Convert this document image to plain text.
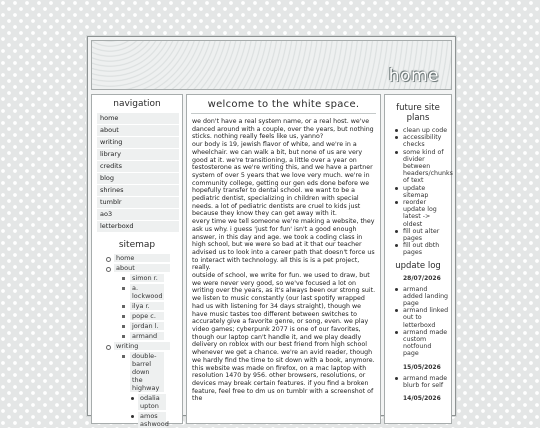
home
navigation
home
about
writing
library
credits
blog
shrines
tumblr
ao3
letterboxd
sitemap
home
about
simon r.
a. lockwood
ilya r.
pope c.
jordan l.
armand
writing
double-barrel down the highway
odalia upton
amos ashwood
welcome to the white space.

we don't have a real system name, or a real host. we've danced around with a couple, over the years, but nothing sticks. nothing really feels like us, yanno?

our body is 19, jewish flavor of white, and we're in a wheelchair. we can walk a bit, but none of us are very good at it. we're transitioning, a little over a year on testosterone as we're writing this, and we have a partner system of over 5 years that we love very much. we're in community college, getting our gen eds done before we hopefully transfer to dental school. we want to be a pediatric dentist, specializing in children with special needs. a lot of pediatric dentists are cruel to kids just because they know they can get away with it.

every time we tell someone we're making a website, they ask us why. i guess 'just for fun' isn't a good enough answer, in this day and age. we took a coding class in high school, but we were so bad at it that our teacher advised us to look into a career path that doesn't force us to interact with technology. all this is is a pet project, really.

outside of school, we write for fun. we used to draw, but we were never very good, so we've focused a lot on writing over the years, as it's always been our strong suit. we listen to music constantly (our last spotify wrapped had us with listening for 34 days straight), though we have music tastes too different between switches to accurately give a favorite genre, or song, even. we play video games; cyberpunk 2077 is one of our favorites, though our laptop can't handle it, and we play deadly delivery on roblox with our best friend from high school whenever we get a chance. we're an avid reader, though we hardly find the time to sit down with a book, anymore.

this website was made on firefox, on a mac laptop with resolution 1470 by 956. other browsers, resolutions, or devices may break certain features. if you find a broken feature, feel free to dm us on tumblr with a screenshot of the

future site plans
clean up code
accessibility checks
some kind of divider between headers/chunks of text
update sitemap
reorder update log latest -> oldest
fill out alter pages
fill out dbth pages
update log
28/07/2026
armand added landing page
armand linked out to letterboxd
armand made custom notfound page
15/05/2026
armand made blurb for self
14/05/2026
